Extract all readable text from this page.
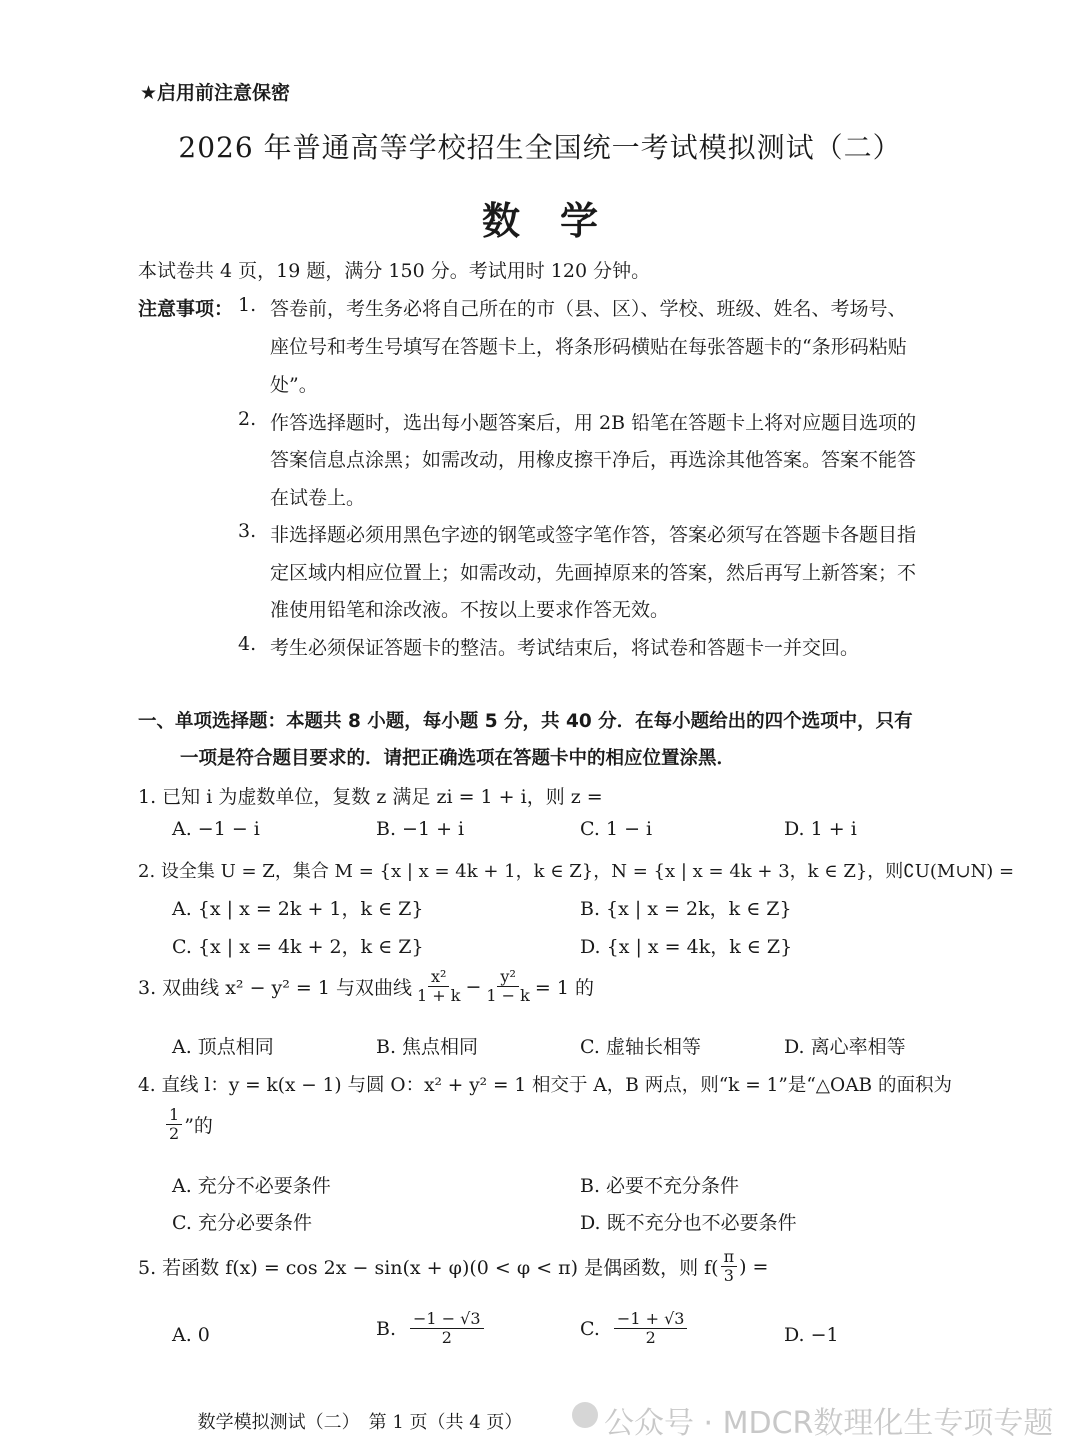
★启用前注意保密
2026 年普通高等学校招生全国统一考试模拟测试（二）
数学
本试卷共 4 页，19 题，满分 150 分。考试用时 120 分钟。
注意事项： 1. 答卷前，考生务必将自己所在的市（县、区）、学校、班级、姓名、考场号、
座位号和考生号填写在答题卡上，将条形码横贴在每张答题卡的“条形码粘贴
处”。
2. 作答选择题时，选出每小题答案后，用 2B 铅笔在答题卡上将对应题目选项的
答案信息点涂黑；如需改动，用橡皮擦干净后，再选涂其他答案。答案不能答
在试卷上。
3. 非选择题必须用黑色字迹的钢笔或签字笔作答，答案必须写在答题卡各题目指
定区域内相应位置上；如需改动，先画掉原来的答案，然后再写上新答案；不
准使用铅笔和涂改液。不按以上要求作答无效。
4. 考生必须保证答题卡的整洁。考试结束后，将试卷和答题卡一并交回。
一、单项选择题：本题共 8 小题，每小题 5 分，共 40 分．在每小题给出的四个选项中，只有
一项是符合题目要求的．请把正确选项在答题卡中的相应位置涂黑．
1. 已知 i 为虚数单位，复数 z 满足 zi = 1 + i，则 z =
A. −1 − i	B. −1 + i	C. 1 − i	D. 1 + i
2. 设全集 U = Z，集合 M = {x | x = 4k + 1，k ∈ Z}，N = {x | x = 4k + 3，k ∈ Z}，则∁U(M∪N) =
A. {x | x = 2k + 1，k ∈ Z}	B. {x | x = 2k，k ∈ Z}
C. {x | x = 4k + 2，k ∈ Z}	D. {x | x = 4k，k ∈ Z}
3. 双曲线 x² − y² = 1 与双曲线 $\frac{\text{x²}}{1 + k} - \frac{\text{y²}}{1 - k} = 1$ 的
A. 顶点相同	B. 焦点相同	C. 虚轴长相等	D. 离心率相等
4. 直线 l：y = k(x − 1) 与圆 O：x² + y² = 1 相交于 A，B 两点，则“k = 1”是“△OAB 的面积为
$\frac{1}{2}$ ”的
A. 充分不必要条件	B. 必要不充分条件
C. 充分必要条件	D. 既不充分也不必要条件
5. 若函数 f(x) = cos 2x − sin(x + φ)(0 < φ < π) 是偶函数，则 $f( \frac{\pi}{3}$ ) =
A. 0	B. $\frac{-1 - √3}{2}$	C. $\frac{-1 + √3}{2}$	D. −1
数学模拟测试（二）　第 1 页（共 4 页）	公众号 · MDCR数理化生专项专题
